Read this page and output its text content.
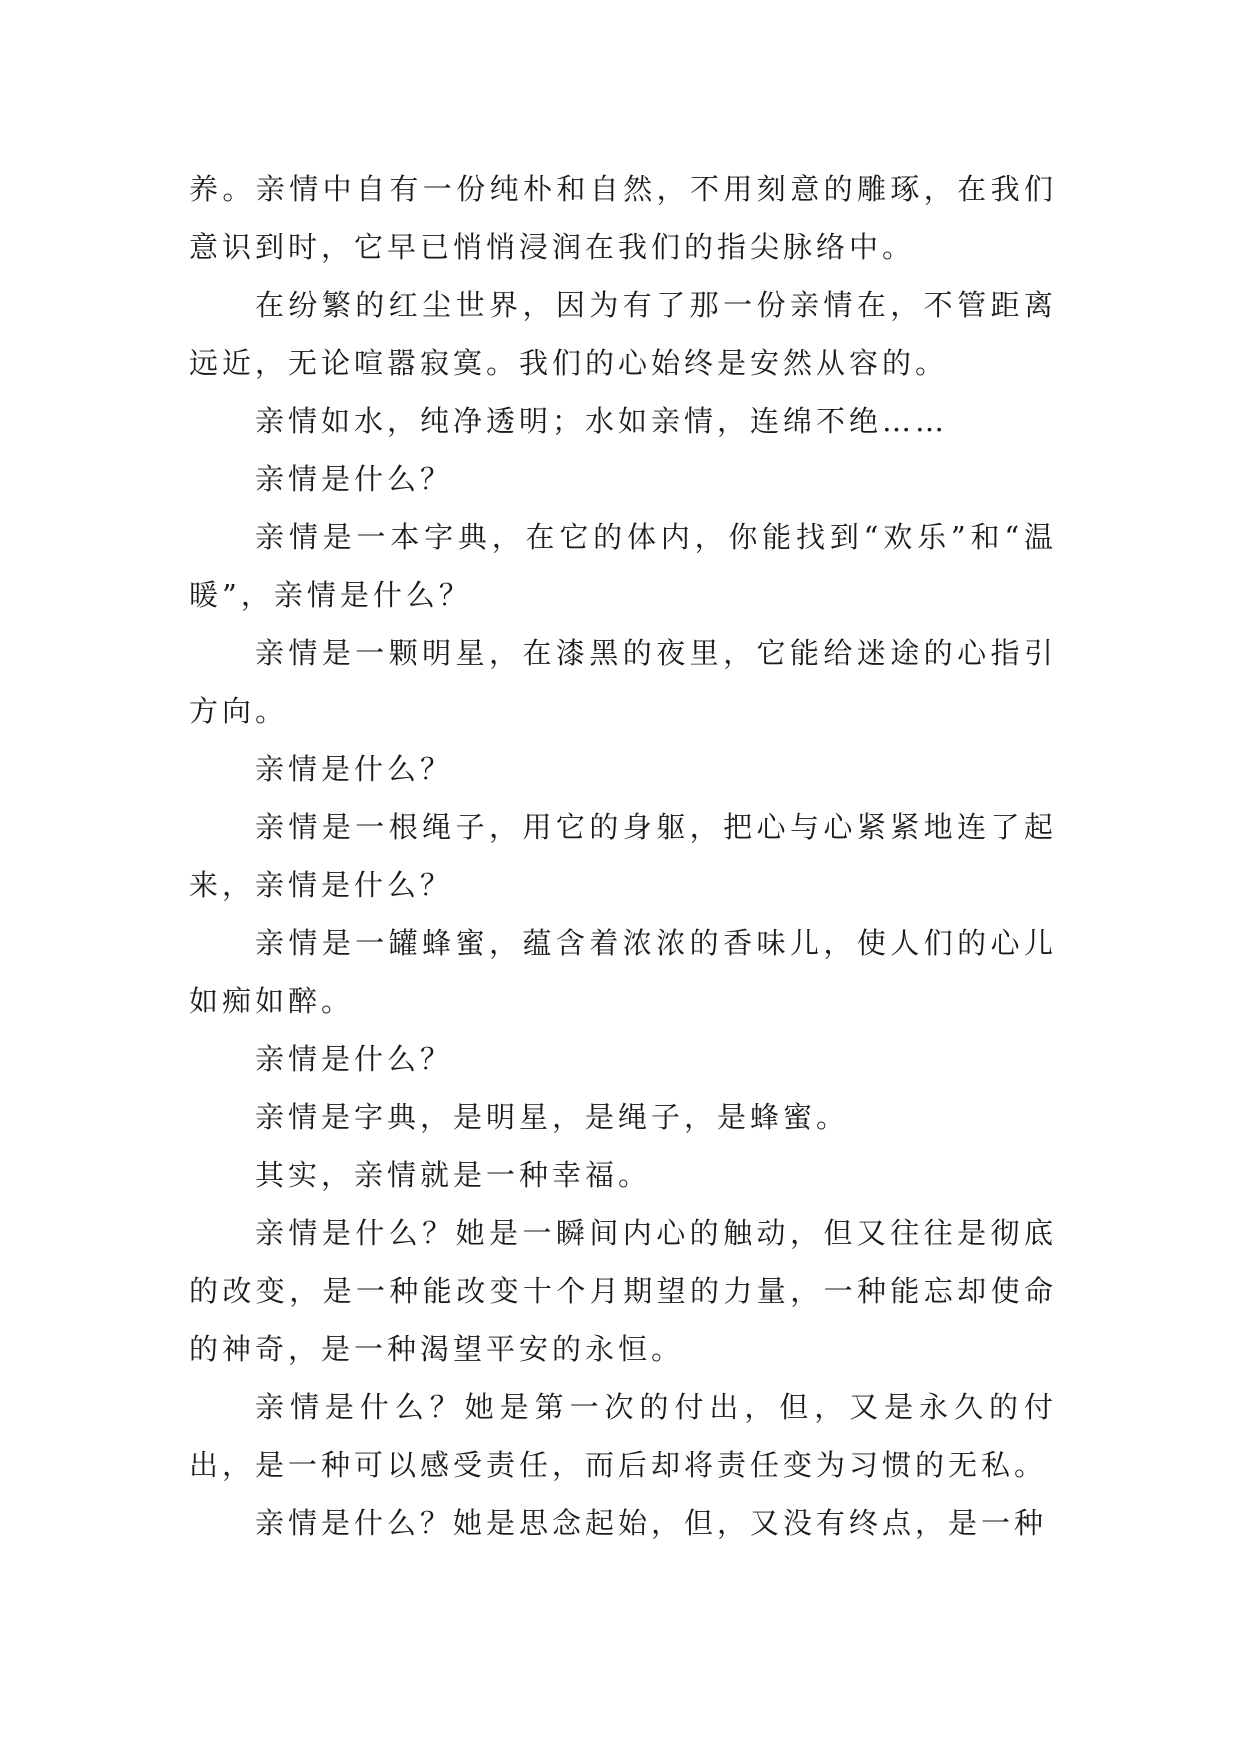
养。亲情中自有一份纯朴和自然，不用刻意的雕琢，在我们意识到时，它早已悄悄浸润在我们的指尖脉络中。

在纷繁的红尘世界，因为有了那一份亲情在，不管距离远近，无论喧嚣寂寞。我们的心始终是安然从容的。

亲情如水，纯净透明；水如亲情，连绵不绝……

亲情是什么？

亲情是一本字典，在它的体内，你能找到“欢乐”和“温暖”，亲情是什么？

亲情是一颗明星，在漆黑的夜里，它能给迷途的心指引方向。

亲情是什么？

亲情是一根绳子，用它的身躯，把心与心紧紧地连了起来，亲情是什么？

亲情是一罐蜂蜜，蕴含着浓浓的香味儿，使人们的心儿如痴如醉。

亲情是什么？

亲情是字典，是明星，是绳子，是蜂蜜。

其实，亲情就是一种幸福。

亲情是什么？她是一瞬间内心的触动，但又往往是彻底的改变，是一种能改变十个月期望的力量，一种能忘却使命的神奇，是一种渴望平安的永恒。

亲情是什么？她是第一次的付出，但，又是永久的付出，是一种可以感受责任，而后却将责任变为习惯的无私。

亲情是什么？她是思念起始，但，又没有终点，是一种
